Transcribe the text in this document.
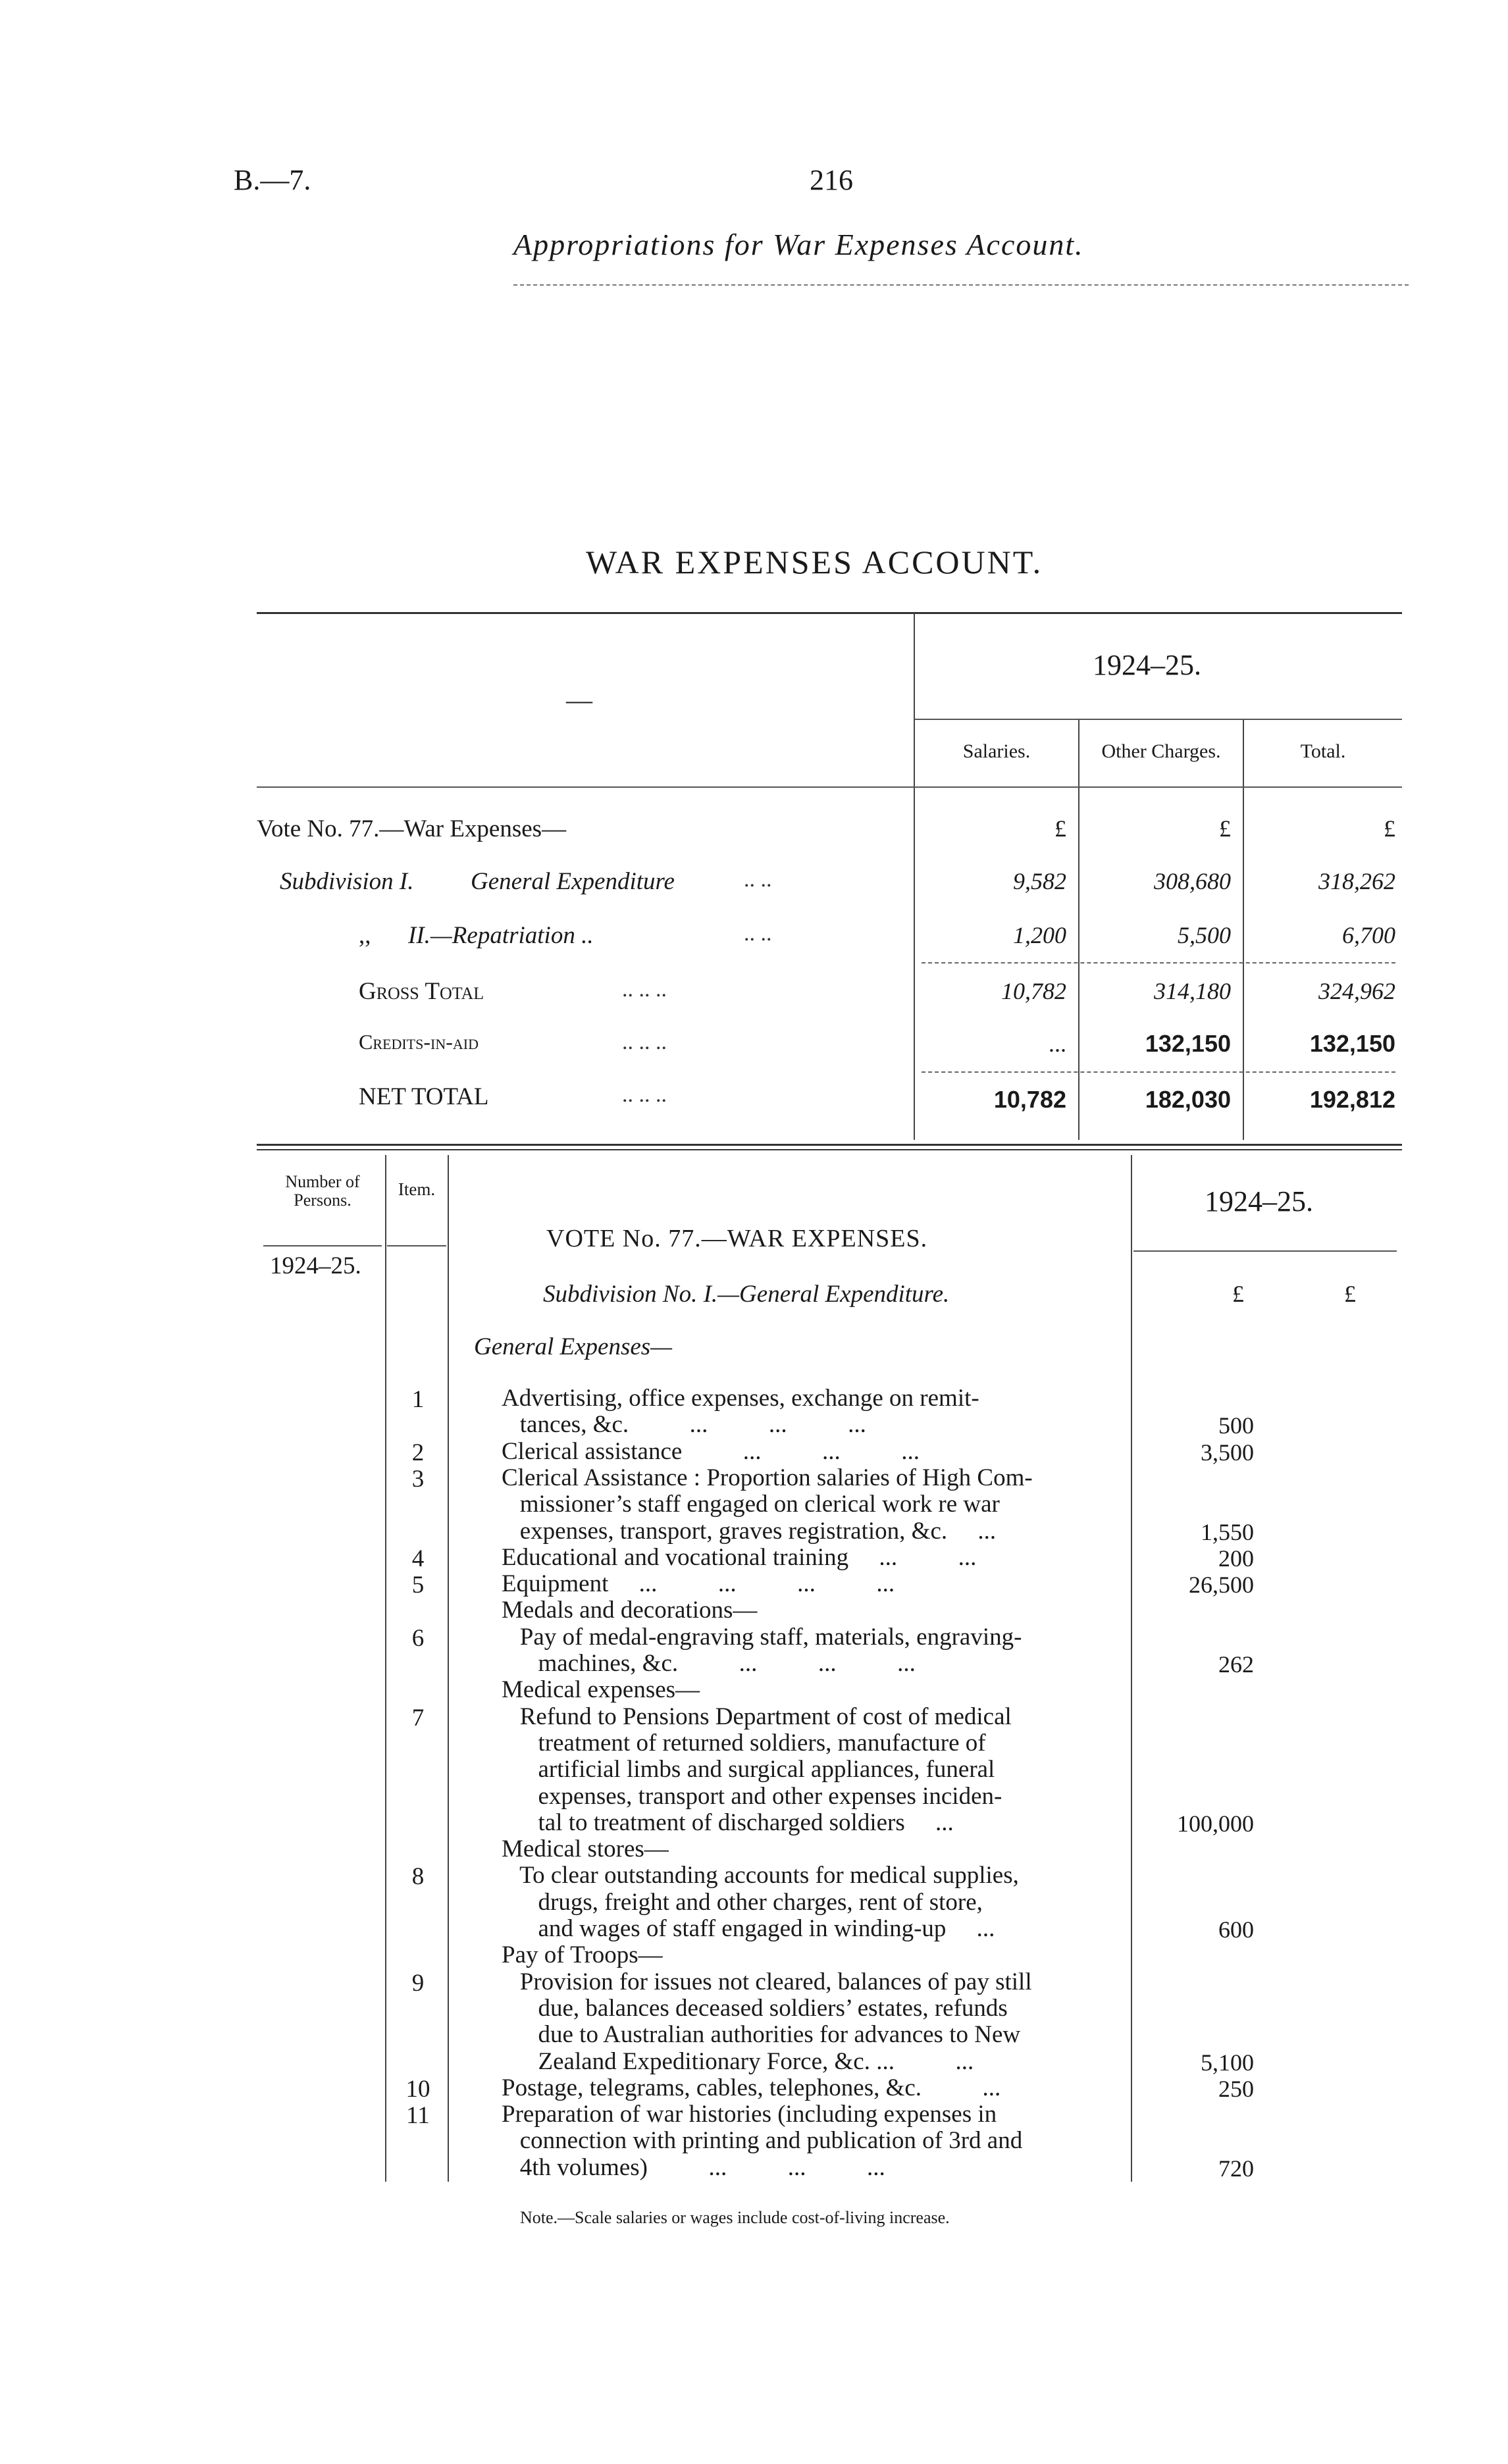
B.—7.	216
Appropriations for War Expenses Account.
WAR EXPENSES ACCOUNT.
—
1924–25.
Salaries.	Other Charges.	Total.
Vote No. 77.—War Expenses—	£	£	£
Subdivision I. General Expenditure	.. ..	9,582	308,680	318,262
,, II.—Repatriation ..	.. ..	1,200	5,500	6,700
Gross Total	.. .. ..	10,782	314,180	324,962
Credits-in-aid	.. .. ..	...	132,150	132,150
NET TOTAL	.. .. ..	10,782	182,030	192,812
Number of Persons.
Item.
1924–25.
1924–25.
VOTE No. 77.—WAR EXPENSES.
Subdivision No. I.—General Expenditure.	£	£
General Expenses—
1	Advertising, office expenses, exchange on remit-
tances, &c.          ...          ...          ...	500
2	Clerical assistance          ...          ...          ...	3,500
3	Clerical Assistance : Proportion salaries of High Com-
missioner’s staff engaged on clerical work re war
expenses, transport, graves registration, &c.     ...	1,550
4	Educational and vocational training     ...          ...	200
5	Equipment     ...          ...          ...          ...	26,500
Medals and decorations—
6	Pay of medal-engraving staff, materials, engraving-
machines, &c.          ...          ...          ...	262
Medical expenses—
7	Refund to Pensions Department of cost of medical
treatment of returned soldiers, manufacture of
artificial limbs and surgical appliances, funeral
expenses, transport and other expenses inciden-
tal to treatment of discharged soldiers     ...	100,000
Medical stores—
8	To clear outstanding accounts for medical supplies,
drugs, freight and other charges, rent of store,
and wages of staff engaged in winding-up     ...	600
Pay of Troops—
9	Provision for issues not cleared, balances of pay still
due, balances deceased soldiers’ estates, refunds
due to Australian authorities for advances to New
Zealand Expeditionary Force, &c. ...          ...	5,100
10	Postage, telegrams, cables, telephones, &c.          ...	250
11	Preparation of war histories (including expenses in
connection with printing and publication of 3rd and
4th volumes)          ...          ...          ...	720
Note.—Scale salaries or wages include cost-of-living increase.
